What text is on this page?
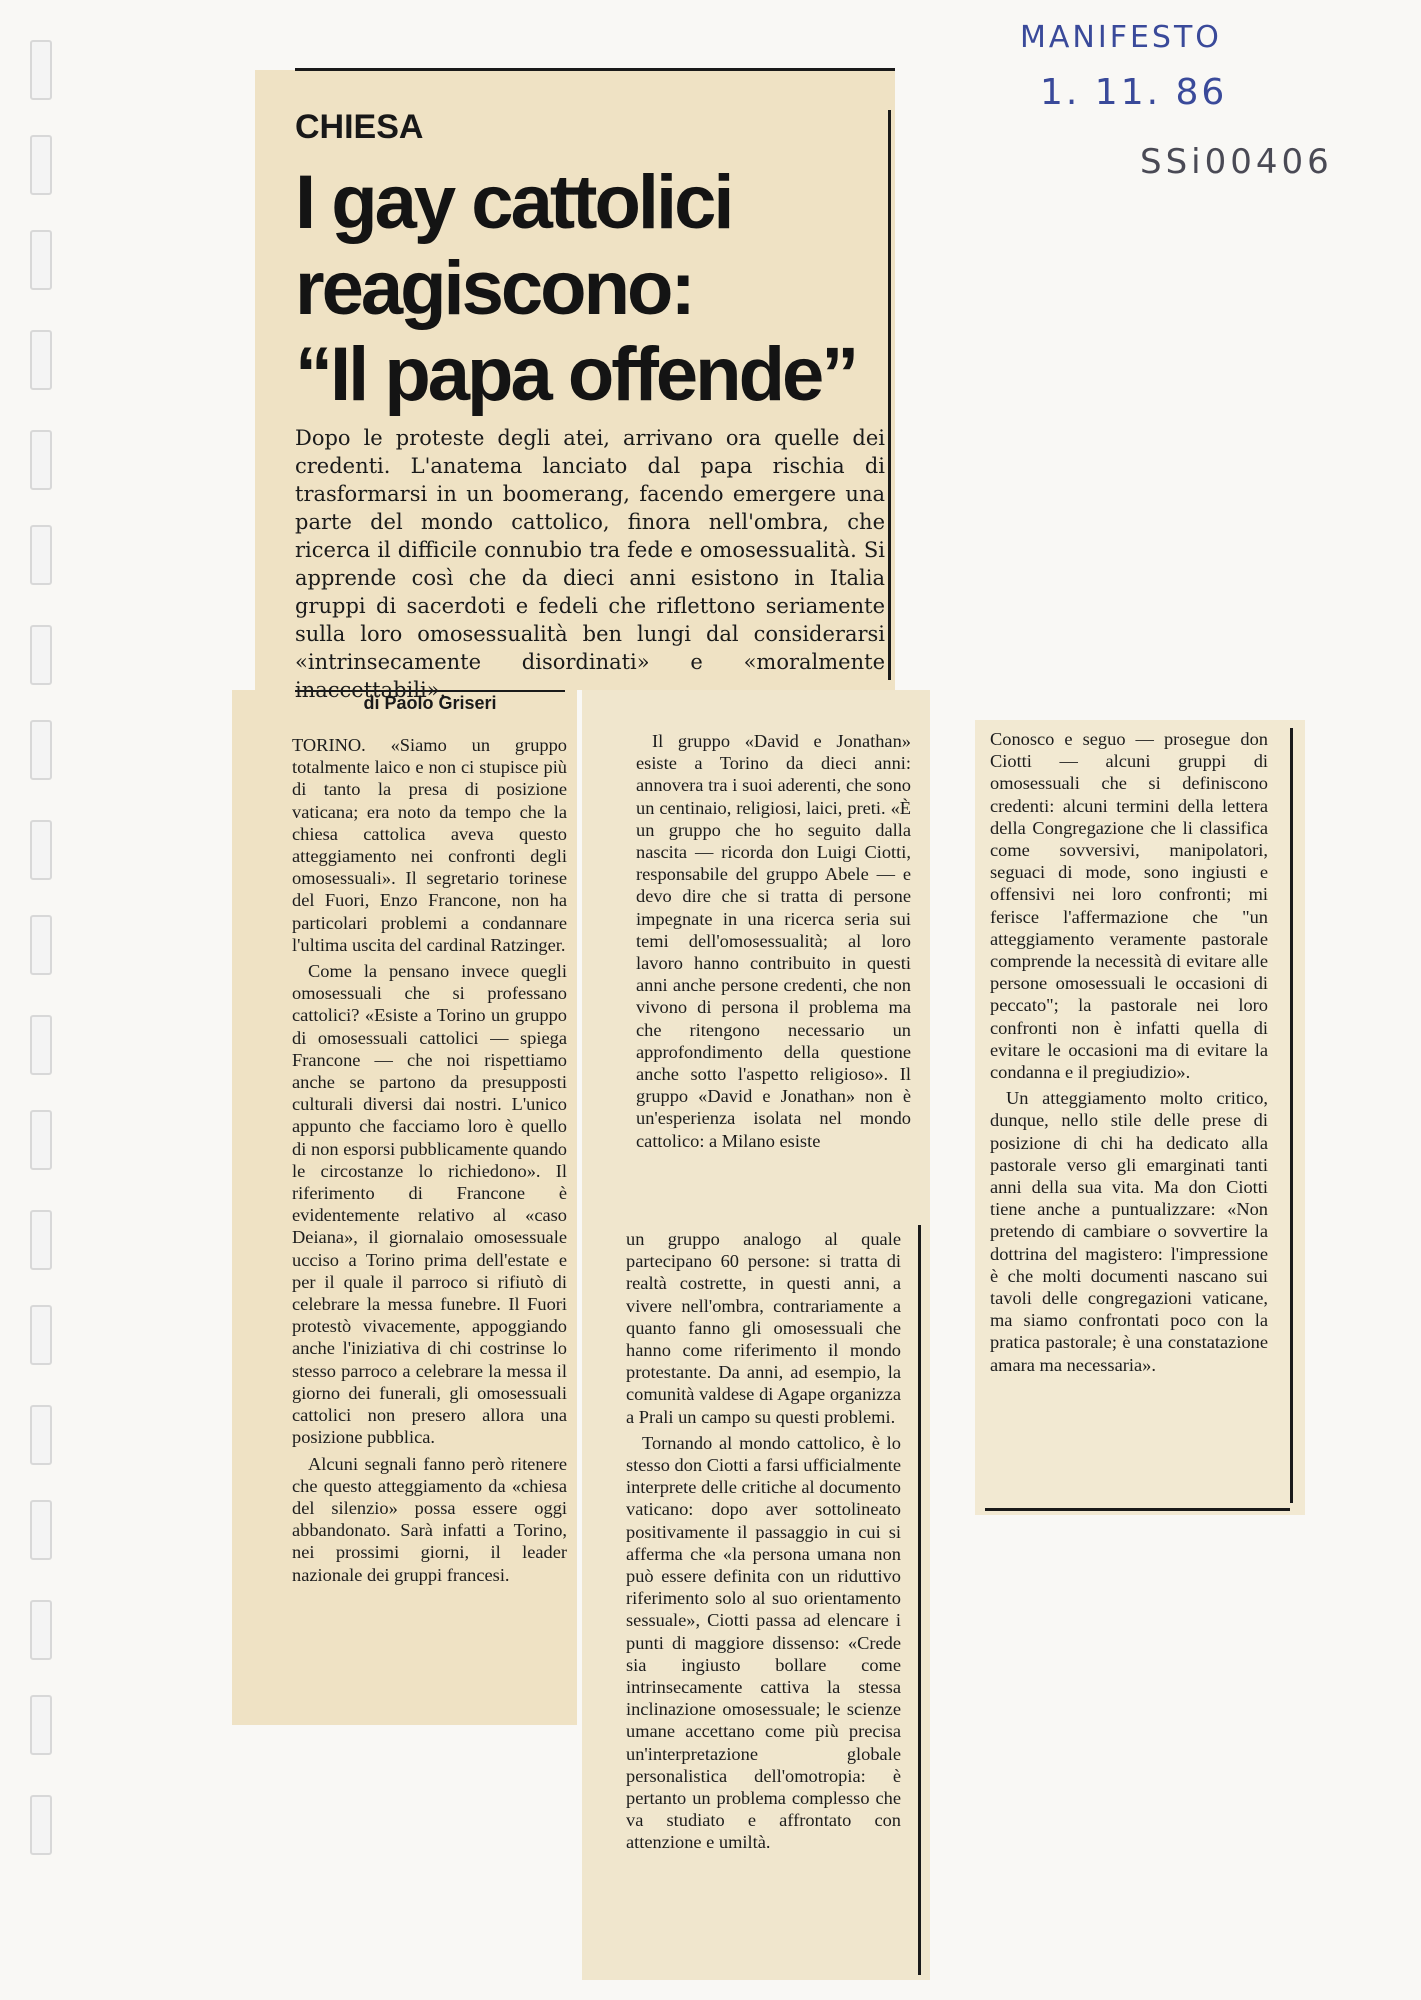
MANIFESTO
1. 11. 86
SSi00406
CHIESA
I gay cattolici
reagiscono:
“Il papa offende”

Dopo le proteste degli atei, arrivano ora quelle dei credenti. L'anatema lanciato dal papa rischia di trasformarsi in un boomerang, facendo emergere una parte del mondo cattolico, finora nell'ombra, che ricerca il difficile connubio tra fede e omosessualità. Si apprende così che da dieci anni esistono in Italia gruppi di sacerdoti e fedeli che riflettono seriamente sulla loro omosessualità ben lungi dal considerarsi «intrinsecamente disordinati» e «moralmente inaccettabili».

di Paolo Griseri

TORINO. «Siamo un gruppo totalmente laico e non ci stupisce più di tanto la presa di posizione vaticana; era noto da tempo che la chiesa cattolica aveva questo atteggiamento nei confronti degli omosessuali». Il segretario torinese del Fuori, Enzo Francone, non ha particolari problemi a condannare l'ultima uscita del cardinal Ratzinger.

Come la pensano invece quegli omosessuali che si professano cattolici? «Esiste a Torino un gruppo di omosessuali cattolici — spiega Francone — che noi rispettiamo anche se partono da presupposti culturali diversi dai nostri. L'unico appunto che facciamo loro è quello di non esporsi pubblicamente quando le circostanze lo richiedono». Il riferimento di Francone è evidentemente relativo al «caso Deiana», il giornalaio omosessuale ucciso a Torino prima dell'estate e per il quale il parroco si rifiutò di celebrare la messa funebre. Il Fuori protestò vivacemente, appoggiando anche l'iniziativa di chi costrinse lo stesso parroco a celebrare la messa il giorno dei funerali, gli omosessuali cattolici non presero allora una posizione pubblica.

Alcuni segnali fanno però ritenere che questo atteggiamento da «chiesa del silenzio» possa essere oggi abbandonato. Sarà infatti a Torino, nei prossimi giorni, il leader nazionale dei gruppi francesi.

Il gruppo «David e Jonathan» esiste a Torino da dieci anni: annovera tra i suoi aderenti, che sono un centinaio, religiosi, laici, preti. «È un gruppo che ho seguito dalla nascita — ricorda don Luigi Ciotti, responsabile del gruppo Abele — e devo dire che si tratta di persone impegnate in una ricerca seria sui temi dell'omosessualità; al loro lavoro hanno contribuito in questi anni anche persone credenti, che non vivono di persona il problema ma che ritengono necessario un approfondimento della questione anche sotto l'aspetto religioso». Il gruppo «David e Jonathan» non è un'esperienza isolata nel mondo cattolico: a Milano esiste

un gruppo analogo al quale partecipano 60 persone: si tratta di realtà costrette, in questi anni, a vivere nell'ombra, contrariamente a quanto fanno gli omosessuali che hanno come riferimento il mondo protestante. Da anni, ad esempio, la comunità valdese di Agape organizza a Prali un campo su questi problemi.

Tornando al mondo cattolico, è lo stesso don Ciotti a farsi ufficialmente interprete delle critiche al documento vaticano: dopo aver sottolineato positivamente il passaggio in cui si afferma che «la persona umana non può essere definita con un riduttivo riferimento solo al suo orientamento sessuale», Ciotti passa ad elencare i punti di maggiore dissenso: «Crede sia ingiusto bollare come intrinsecamente cattiva la stessa inclinazione omosessuale; le scienze umane accettano come più precisa un'interpretazione globale personalistica dell'omotropia: è pertanto un problema complesso che va studiato e affrontato con attenzione e umiltà.

Conosco e seguo — prosegue don Ciotti — alcuni gruppi di omosessuali che si definiscono credenti: alcuni termini della lettera della Congregazione che li classifica come sovversivi, manipolatori, seguaci di mode, sono ingiusti e offensivi nei loro confronti; mi ferisce l'affermazione che "un atteggiamento veramente pastorale comprende la necessità di evitare alle persone omosessuali le occasioni di peccato"; la pastorale nei loro confronti non è infatti quella di evitare le occasioni ma di evitare la condanna e il pregiudizio».

Un atteggiamento molto critico, dunque, nello stile delle prese di posizione di chi ha dedicato alla pastorale verso gli emarginati tanti anni della sua vita. Ma don Ciotti tiene anche a puntualizzare: «Non pretendo di cambiare o sovvertire la dottrina del magistero: l'impressione è che molti documenti nascano sui tavoli delle congregazioni vaticane, ma siamo confrontati poco con la pratica pastorale; è una constatazione amara ma necessaria».
